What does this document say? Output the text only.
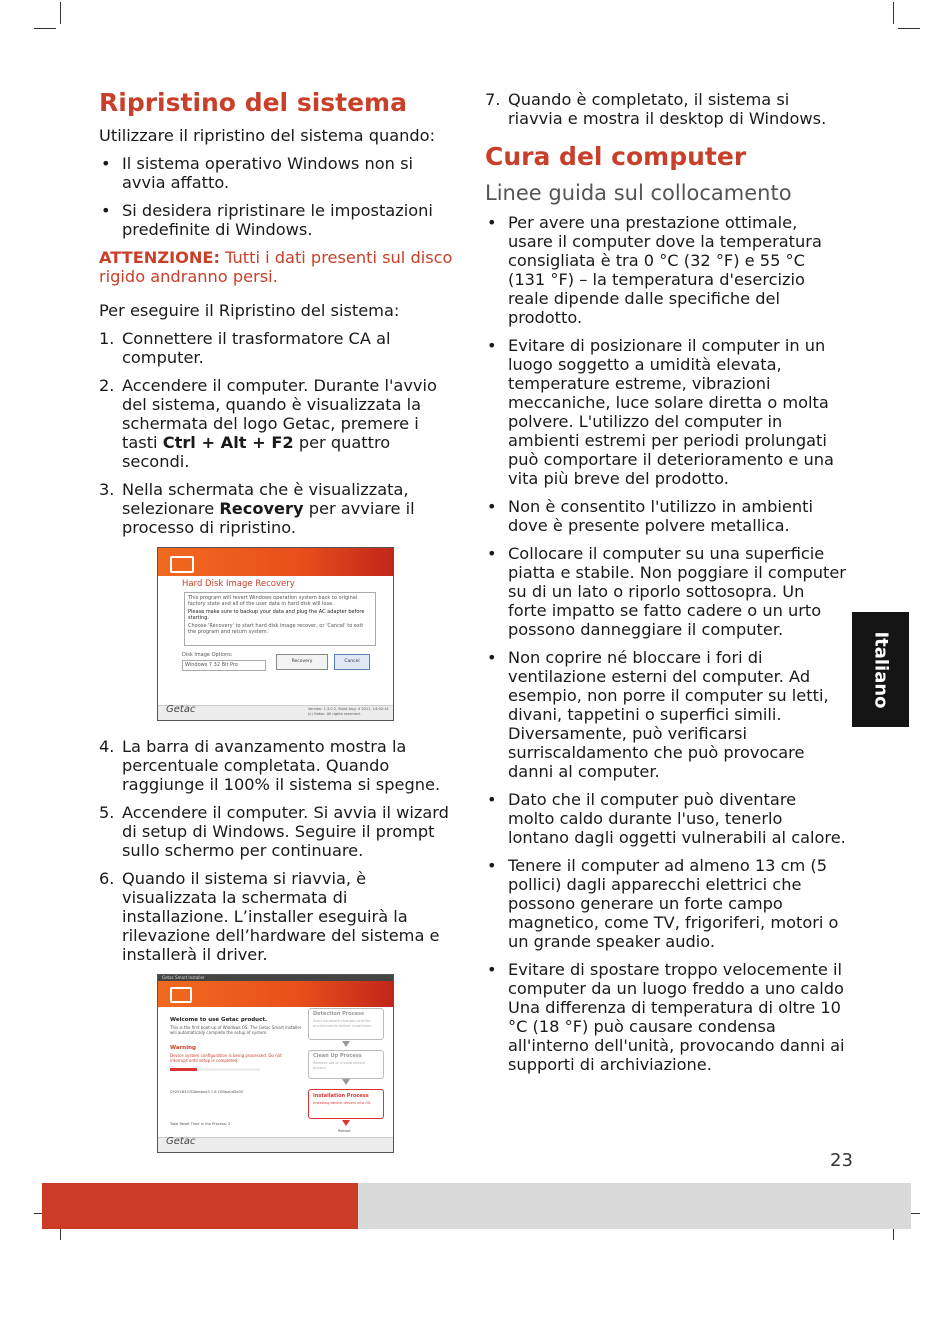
Ripristino del sistema

Utilizzare il ripristino del sistema quando:

• Il sistema operativo Windows non si avvia affatto.
• Si desidera ripristinare le impostazioni predefinite di Windows.

ATTENZIONE: Tutti i dati presenti sul disco rigido andranno persi.

Per eseguire il Ripristino del sistema:

1. Connettere il trasformatore CA al computer.
2. Accendere il computer. Durante l'avvio del sistema, quando è visualizzata la schermata del logo Getac, premere i tasti Ctrl + Alt + F2 per quattro secondi.
3. Nella schermata che è visualizzata, selezionare Recovery per avviare il processo di ripristino.
Hard Disk Image Recovery
This program will revert Windows operation system back to original factory state and all of the user data in hard disk will lose.
Please make sure to backup your data and plug the AC adapter before starting.
Choose 'Recovery' to start hard disk image recover, or 'Cancel' to exit the program and return system.
Disk Image Options:
Windows 7 32 Bit Pro
Recovery	Cancel
Getac	Version: 1.3.0.2, Build Aug. 4 2011, 14:02:41 (c) Getac. All rights reserved.
4. La barra di avanzamento mostra la percentuale completata. Quando raggiunge il 100% il sistema si spegne.
5. Accendere il computer. Si avvia il wizard di setup di Windows. Seguire il prompt sullo schermo per continuare.
6. Quando il sistema si riavvia, è visualizzata la schermata di installazione. L’installer eseguirà la rilevazione dell’hardware del sistema e installerà il driver.
Getac Smart Installer
Welcome to use Getac product.
This is the first boot-up of Windows OS. The Getac Smart Installer will automatically complete the setup of system.
Warning
Device system configuration is being processed. Do not interrupt until setup is completed.
C9291B337DAbeba43 1.6 CB9ba0d0a00
Total Reset Time in the Process: 2
Detection Process
Scan hardware changes and file environments before installation.
Clean Up Process
Remove old or invalid device drivers.
Installation Process
Installing device drivers into OS.
Reboot
Getac
7. Quando è completato, il sistema si riavvia e mostra il desktop di Windows.
Cura del computer
Linee guida sul collocamento
• Per avere una prestazione ottimale, usare il computer dove la temperatura consigliata è tra 0 °C (32 °F) e 55 °C (131 °F) – la temperatura d'esercizio reale dipende dalle specifiche del prodotto.
• Evitare di posizionare il computer in un luogo soggetto a umidità elevata, temperature estreme, vibrazioni meccaniche, luce solare diretta o molta polvere. L'utilizzo del computer in ambienti estremi per periodi prolungati può comportare il deterioramento e una vita più breve del prodotto.
• Non è consentito l'utilizzo in ambienti dove è presente polvere metallica.
• Collocare il computer su una superficie piatta e stabile. Non poggiare il computer su di un lato o riporlo sottosopra. Un forte impatto se fatto cadere o un urto possono danneggiare il computer.
• Non coprire né bloccare i fori di ventilazione esterni del computer. Ad esempio, non porre il computer su letti, divani, tappetini o superfici simili. Diversamente, può verificarsi surriscaldamento che può provocare danni al computer.
• Dato che il computer può diventare molto caldo durante l'uso, tenerlo lontano dagli oggetti vulnerabili al calore.
• Tenere il computer ad almeno 13 cm (5 pollici) dagli apparecchi elettrici che possono generare un forte campo magnetico, come TV, frigoriferi, motori o un grande speaker audio.
• Evitare di spostare troppo velocemente il computer da un luogo freddo a uno caldo Una differenza di temperatura di oltre 10 °C (18 °F) può causare condensa all'interno dell'unità, provocando danni ai supporti di archiviazione.
Italiano
23
